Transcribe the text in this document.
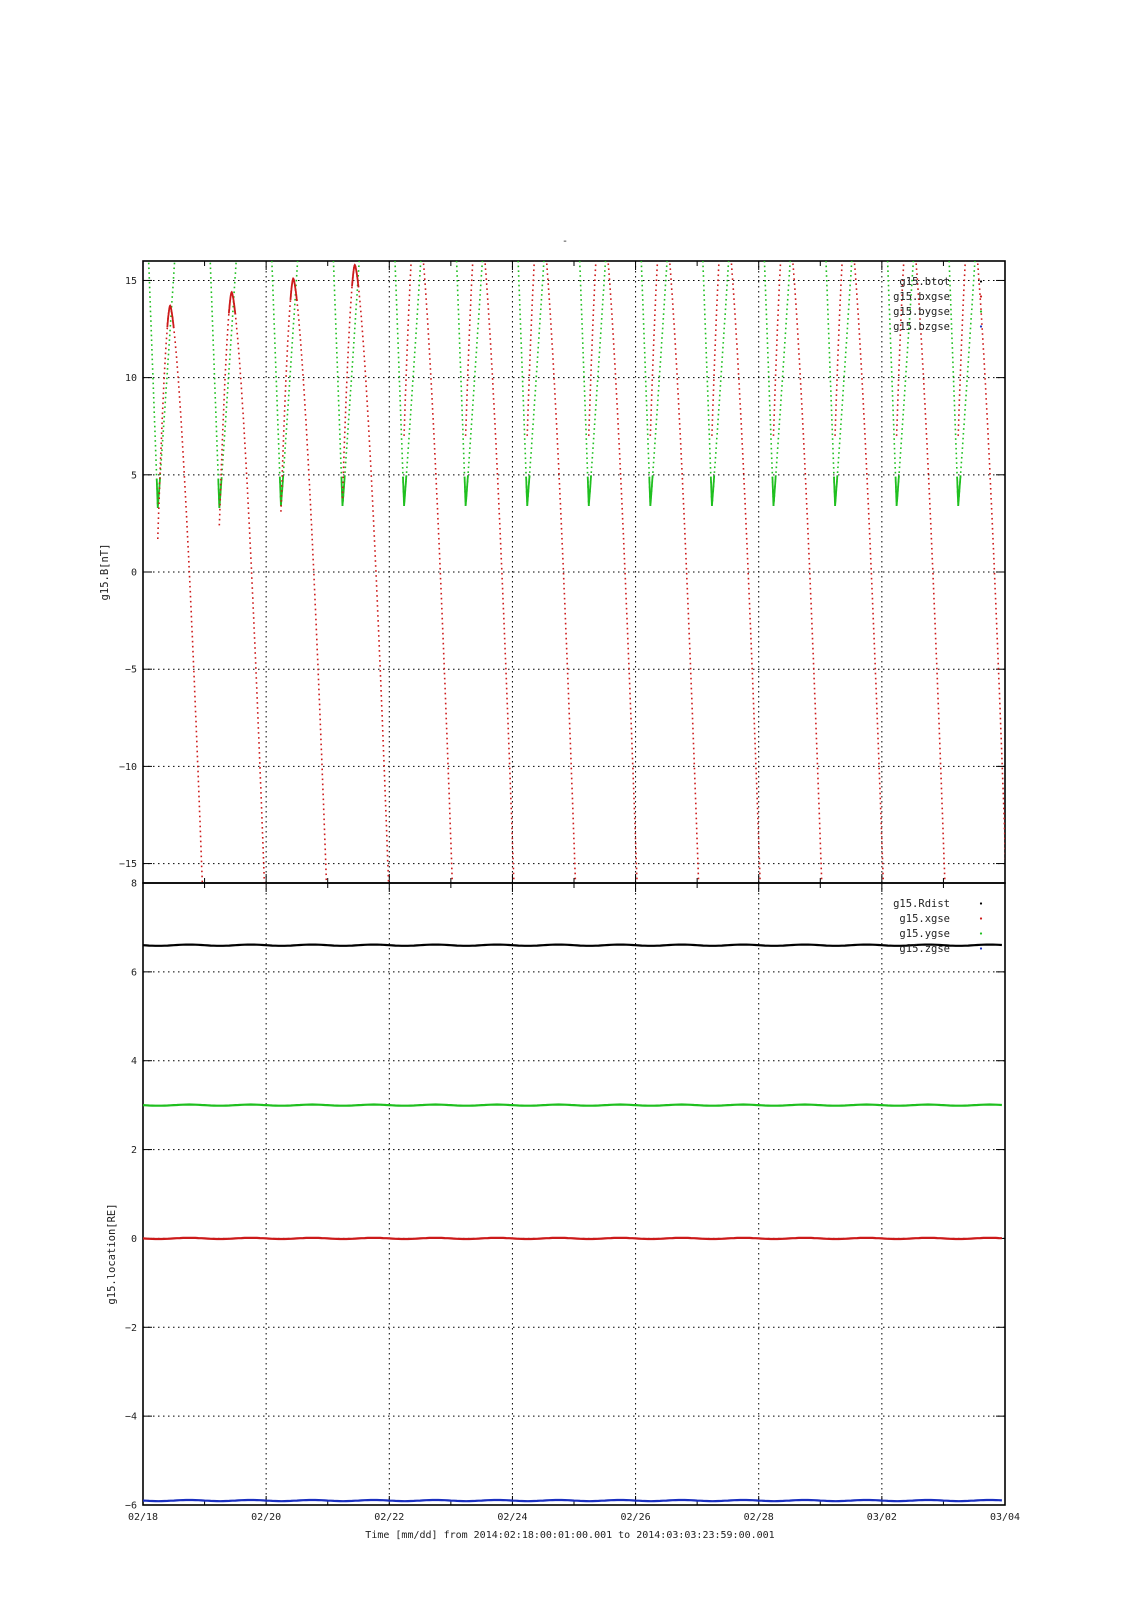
-
−15
−10
−5
0
5
10
15
g15.B[nT]
g15.btot
g15.bxgse
g15.bygse
g15.bzgse
−6
−4
−2
0
2
4
6
8
g15.location[RE]
g15.Rdist
g15.xgse
g15.ygse
g15.zgse
02/18	02/20	02/22	02/24	02/26	02/28	03/02	03/04
Time [mm/dd] from 2014:02:18:00:01:00.001 to 2014:03:03:23:59:00.001
